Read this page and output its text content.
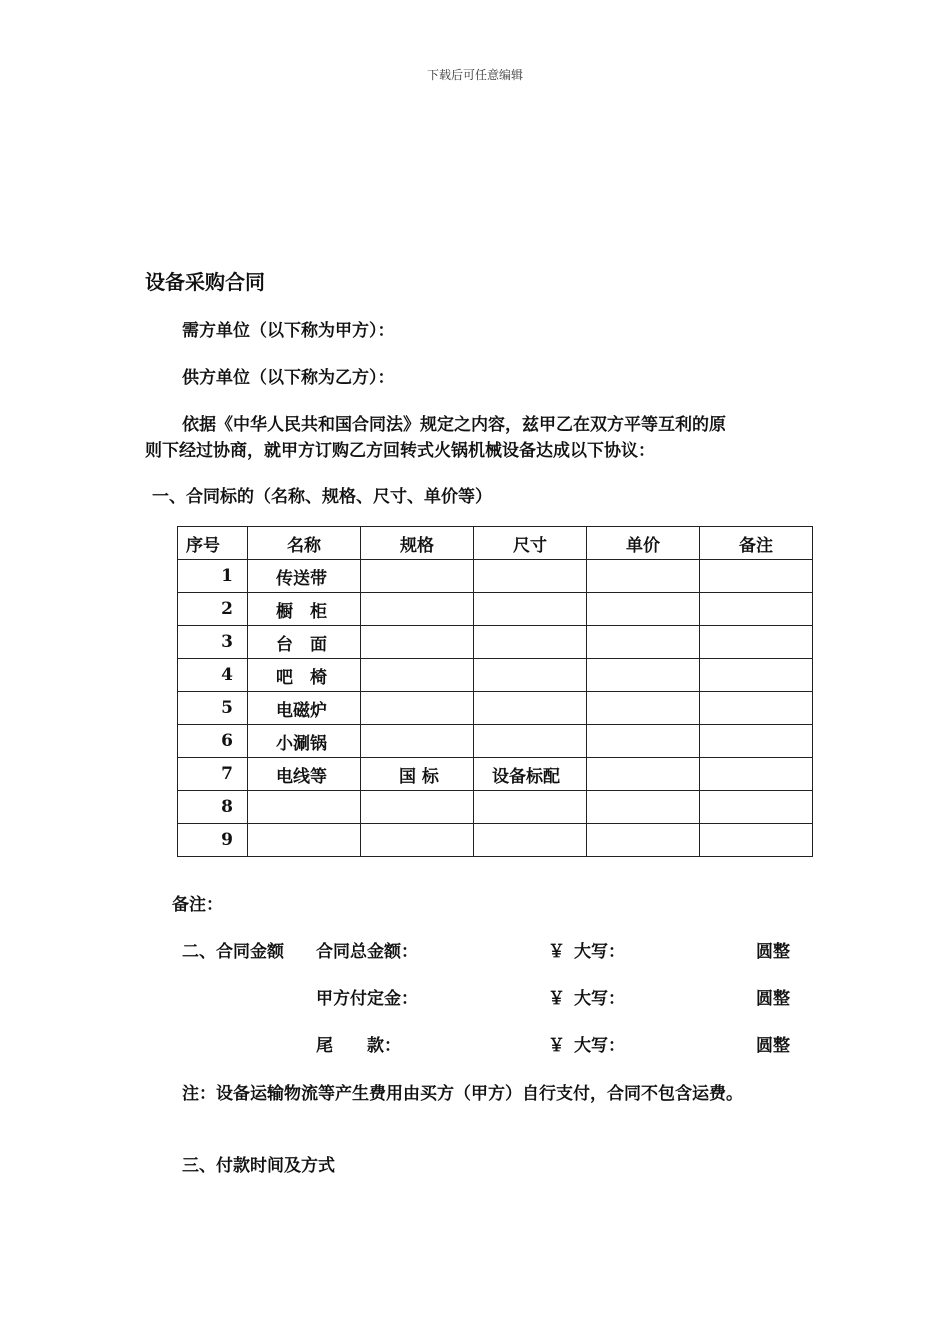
下载后可任意编辑
设备采购合同
需方单位（以下称为甲方）：
供方单位（以下称为乙方）：
依据《中华人民共和国合同法》规定之内容，兹甲乙在双方平等互利的原
则下经过协商，就甲方订购乙方回转式火锅机械设备达成以下协议：
一、合同标的（名称、规格、尺寸、单价等）
序号	名称	规格	尺寸	单价	备注
1	传送带				
2	橱　柜				
3	台　面				
4	吧　椅				
5	电磁炉				
6	小涮锅				
7	电线等	国 标	设备标配		
8					
9					
备注：
二、合同金额 合同总金额：	￥ 大写：	圆整
甲方付定金：	￥ 大写：	圆整
尾　　款：	￥ 大写：	圆整
注：设备运输物流等产生费用由买方（甲方）自行支付，合同不包含运费。
三、付款时间及方式
